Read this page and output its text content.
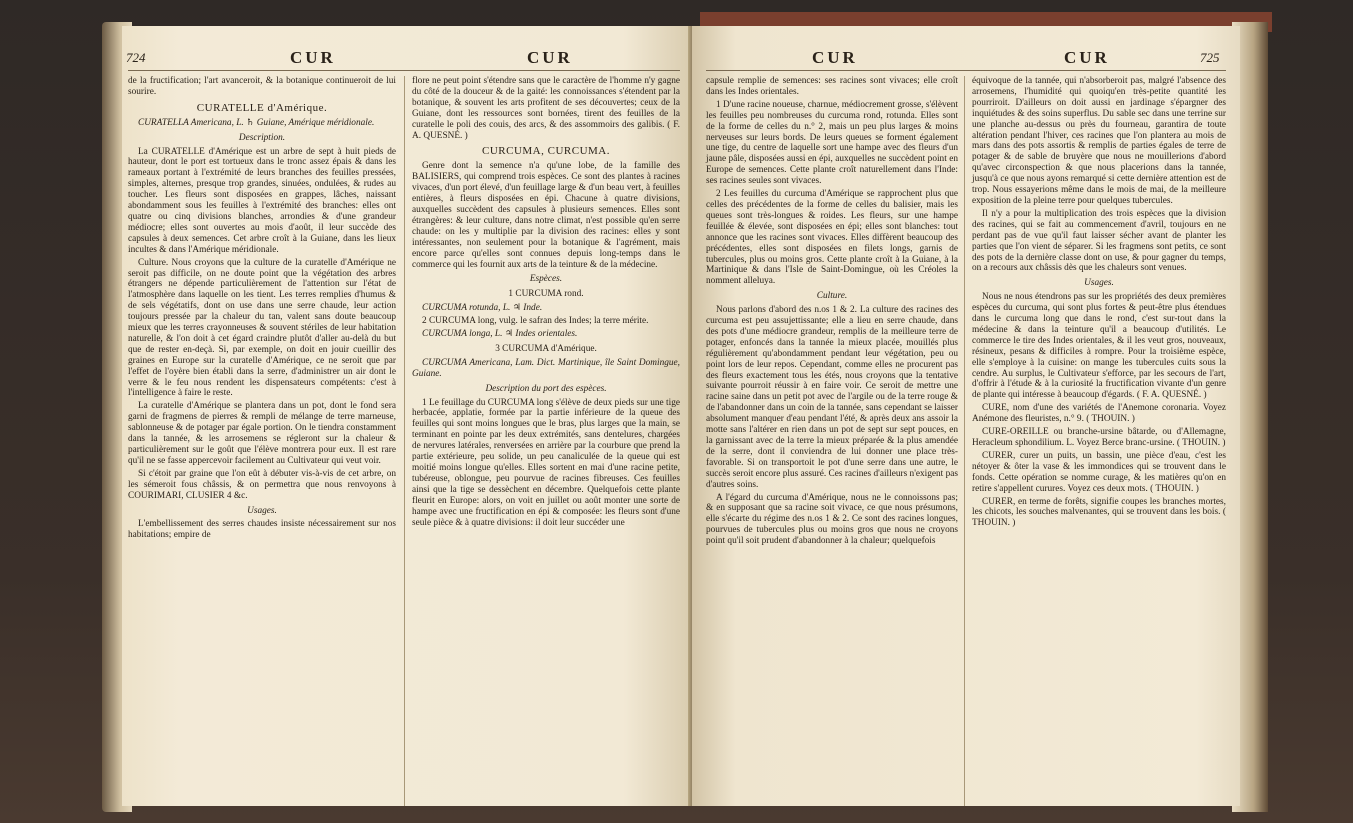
724	CUR	CUR

de la fructification; l'art avanceroit, & la botanique continueroit de lui sourire.

CURATELLE d'Amérique.

CURATELLA Americana, L. ♄ Guiane, Amérique méridionale.

Description.

La CURATELLE d'Amérique est un arbre de sept à huit pieds de hauteur, dont le port est tortueux dans le tronc assez épais & dans les rameaux portant à l'extrémité de leurs branches des feuilles pressées, simples, alternes, presque trop grandes, sinuées, ondulées, & rudes au toucher. Les fleurs sont disposées en grappes, lâches, naissant abondamment sous les feuilles à l'extrémité des branches: elles ont quatre ou cinq divisions blanches, arrondies & d'une grandeur médiocre; elles sont ouvertes au mois d'août, il leur succède des capsules à deux semences. Cet arbre croît à la Guiane, dans les lieux incultes & dans l'Amérique méridionale.

Culture. Nous croyons que la culture de la curatelle d'Amérique ne seroit pas difficile, on ne doute point que la végétation des arbres étrangers ne dépende particulièrement de l'attention sur l'état de l'atmosphère dans laquelle on les tient. Les terres remplies d'humus & de sels végétatifs, dont on use dans une serre chaude, leur action toujours pressée par la chaleur du tan, valent sans doute beaucoup mieux que les terres crayonneuses & souvent stériles de leur habitation naturelle, & l'on doit à cet égard craindre plutôt d'aller au-delà du but que de rester en-deçà. Si, par exemple, on doit en jouir cueillir des graines en Europe sur la curatelle d'Amérique, ce ne seroit que par l'effet de l'oyère bien établi dans la serre, d'administrer un air dont le verre & le feu nous rendent les dispensateurs compétents: c'est à l'intelligence à faire le reste.

La curatelle d'Amérique se plantera dans un pot, dont le fond sera garni de fragmens de pierres & rempli de mélange de terre marneuse, sablonneuse & de potager par égale portion. On le tiendra constamment dans la tannée, & les arrosemens se régleront sur la chaleur & particulièrement sur le goût que l'élève montrera pour eux. Il est rare qu'il ne se fasse appercevoir facilement au Cultivateur qui veut voir.

Si c'étoit par graine que l'on eût à débuter vis-à-vis de cet arbre, on les sémeroit fous châssis, & on permettra que nous renvoyons à COURIMARI, CLUSIER 4 &c.

Usages.

L'embellissement des serres chaudes insiste nécessairement sur nos habitations; empire de

flore ne peut point s'étendre sans que le caractère de l'homme n'y gagne du côté de la douceur & de la gaité: les connoissances s'étendent par la botanique, & souvent les arts profitent de ses découvertes; ceux de la Guiane, dont les ressources sont bornées, tirent des feuilles de la curatelle le poli des couis, des arcs, & des assommoirs des galibis. ( F. A. QUESNÉ. )

CURCUMA, CURCUMA.

Genre dont la semence n'a qu'une lobe, de la famille des BALISIERS, qui comprend trois espèces. Ce sont des plantes à racines vivaces, d'un port élevé, d'un feuillage large & d'un beau vert, à feuilles entières, à fleurs disposées en épi. Chacune à quatre divisions, auxquelles succèdent des capsules à plusieurs semences. Elles sont étrangères: & leur culture, dans notre climat, n'est possible qu'en serre chaude: on les y multiplie par la division des racines: elles y sont intéressantes, non seulement pour la botanique & l'agrément, mais encore parce qu'elles sont connues depuis long-temps dans le commerce qui les fournit aux arts de la teinture & de la médecine.

Espèces.
1 CURCUMA rond.

CURCUMA rotunda, L. ♃ Inde.

2 CURCUMA long, vulg. le safran des Indes; la terre mérite.

CURCUMA longa, L. ♃ Indes orientales.

3 CURCUMA d'Amérique.

CURCUMA Americana, Lam. Dict. Martinique, île Saint Domingue, Guiane.

Description du port des espèces.

1 Le feuillage du CURCUMA long s'élève de deux pieds sur une tige herbacée, applatie, formée par la partie inférieure de la queue des feuilles qui sont moins longues que le bras, plus larges que la main, se terminant en pointe par les deux extrémités, sans dentelures, chargées de nervures latérales, renversées en arrière par la courbure que prend la partie extérieure, peu solide, un peu canaliculée de la queue qui est moitié moins longue qu'elles. Elles sortent en mai d'une racine petite, tubéreuse, oblongue, peu pourvue de racines fibreuses. Ces feuilles ainsi que la tige se dessèchent en décembre. Quelquefois cette plante fleurit en Europe: alors, on voit en juillet ou août monter une sorte de hampe avec une fructification en épi & composée: les fleurs sont d'une seule pièce & à quatre divisions: il doit leur succéder une

CUR	CUR	725

capsule remplie de semences: ses racines sont vivaces; elle croît dans les Indes orientales.

1 D'une racine noueuse, charnue, médiocrement grosse, s'élèvent les feuilles peu nombreuses du curcuma rond, rotunda. Elles sont de la forme de celles du n.° 2, mais un peu plus larges & moins nerveuses sur leurs bords. De leurs queues se forment également une tige, du centre de laquelle sort une hampe avec des fleurs d'un jaune pâle, disposées aussi en épi, auxquelles ne succèdent point en Europe de semences. Cette plante croît naturellement dans l'Inde: ses racines seules sont vivaces.

2 Les feuilles du curcuma d'Amérique se rapprochent plus que celles des précédentes de la forme de celles du balisier, mais les queues sont très-longues & roides. Les fleurs, sur une hampe feuillée & élevée, sont disposées en épi; elles sont blanches: tout annonce que les racines sont vivaces. Elles diffèrent beaucoup des précédentes, elles sont disposées en filets longs, garnis de tubercules, plus ou moins gros. Cette plante croît à la Guiane, à la Martinique & dans l'Isle de Saint-Domingue, où les Créoles la nomment alleluya.

Culture.

Nous parlons d'abord des n.os 1 & 2. La culture des racines des curcuma est peu assujettissante; elle a lieu en serre chaude, dans des pots d'une médiocre grandeur, remplis de la meilleure terre de potager, enfoncés dans la tannée la mieux placée, mouillés plus régulièrement qu'abondamment pendant leur végétation, peu ou point lors de leur repos. Cependant, comme elles ne procurent pas des fleurs exactement tous les étés, nous croyons que la tentative suivante pourroit réussir à en faire voir. Ce seroit de mettre une racine saine dans un petit pot avec de l'argile ou de la terre rouge & de l'abandonner dans un coin de la tannée, sans cependant se laisser absolument manquer d'eau pendant l'été, & après deux ans assoir la motte sans l'altérer en rien dans un pot de sept sur sept pouces, en la garnissant avec de la terre la mieux préparée & la plus amendée de la serre, dont il conviendra de lui donner une place très-favorable. Si on transportoit le pot d'une serre dans une autre, le succès seroit encore plus assuré. Ces racines d'ailleurs n'exigent pas d'autres soins.

A l'égard du curcuma d'Amérique, nous ne le connoissons pas; & en supposant que sa racine soit vivace, ce que nous présumons, elle s'écarte du régime des n.os 1 & 2. Ce sont des racines longues, pourvues de tubercules plus ou moins gros que nous ne croyons point qu'il soit prudent d'abandonner à la chaleur; quelquefois

équivoque de la tannée, qui n'absorberoit pas, malgré l'absence des arrosemens, l'humidité qui quoiqu'en très-petite quantité les pourriroit. D'ailleurs on doit aussi en jardinage s'épargner des inquiétudes & des soins superflus. Du sable sec dans une terrine sur une planche au-dessus ou près du fourneau, garantira de toute altération pendant l'hiver, ces racines que l'on plantera au mois de mars dans des pots assortis & remplis de parties égales de terre de potager & de sable de bruyère que nous ne mouillerions d'abord qu'avec circonspection & que nous placerions dans la tannée, jusqu'à ce que nous ayons remarqué si cette dernière attention est de trop. Nous essayerions même dans le mois de mai, de la meilleure exposition de la pleine terre pour quelques tubercules.

Il n'y a pour la multiplication des trois espèces que la division des racines, qui se fait au commencement d'avril, toujours en ne perdant pas de vue qu'il faut laisser sécher avant de planter les parties que l'on vient de séparer. Si les fragmens sont petits, ce sont des pots de la dernière classe dont on use, & pour gagner du temps, on a recours aux châssis dès que les chaleurs sont venues.

Usages.

Nous ne nous étendrons pas sur les propriétés des deux premières espèces du curcuma, qui sont plus fortes & peut-être plus étendues dans le curcuma long que dans le rond, c'est sur-tout dans la médecine & dans la teinture qu'il a beaucoup d'utilités. Le commerce le tire des Indes orientales, & il les veut gros, nouveaux, résineux, pesans & difficiles à rompre. Pour la troisième espèce, elle s'employe à la cuisine: on mange les tubercules cuits sous la cendre. Au surplus, le Cultivateur s'efforce, par les secours de l'art, d'offrir à l'étude & à la curiosité la fructification vivante d'un genre de plante qui intéresse à beaucoup d'égards. ( F. A. QUESNÉ. )

CURE, nom d'une des variétés de l'Anemone coronaria. Voyez Anémone des fleuristes, n.° 9. ( THOUIN. )

CURE-OREILLE ou branche-ursine bâtarde, ou d'Allemagne, Heracleum sphondilium. L. Voyez Berce branc-ursine. ( THOUIN. )

CURER, curer un puits, un bassin, une pièce d'eau, c'est les nétoyer & ôter la vase & les immondices qui se trouvent dans le fonds. Cette opération se nomme curage, & les matières qu'on en retire s'appellent curures. Voyez ces deux mots. ( THOUIN. )

CURER, en terme de forêts, signifie coupes les branches mortes, les chicots, les souches malvenantes, qui se trouvent dans les bois. ( THOUIN. )
